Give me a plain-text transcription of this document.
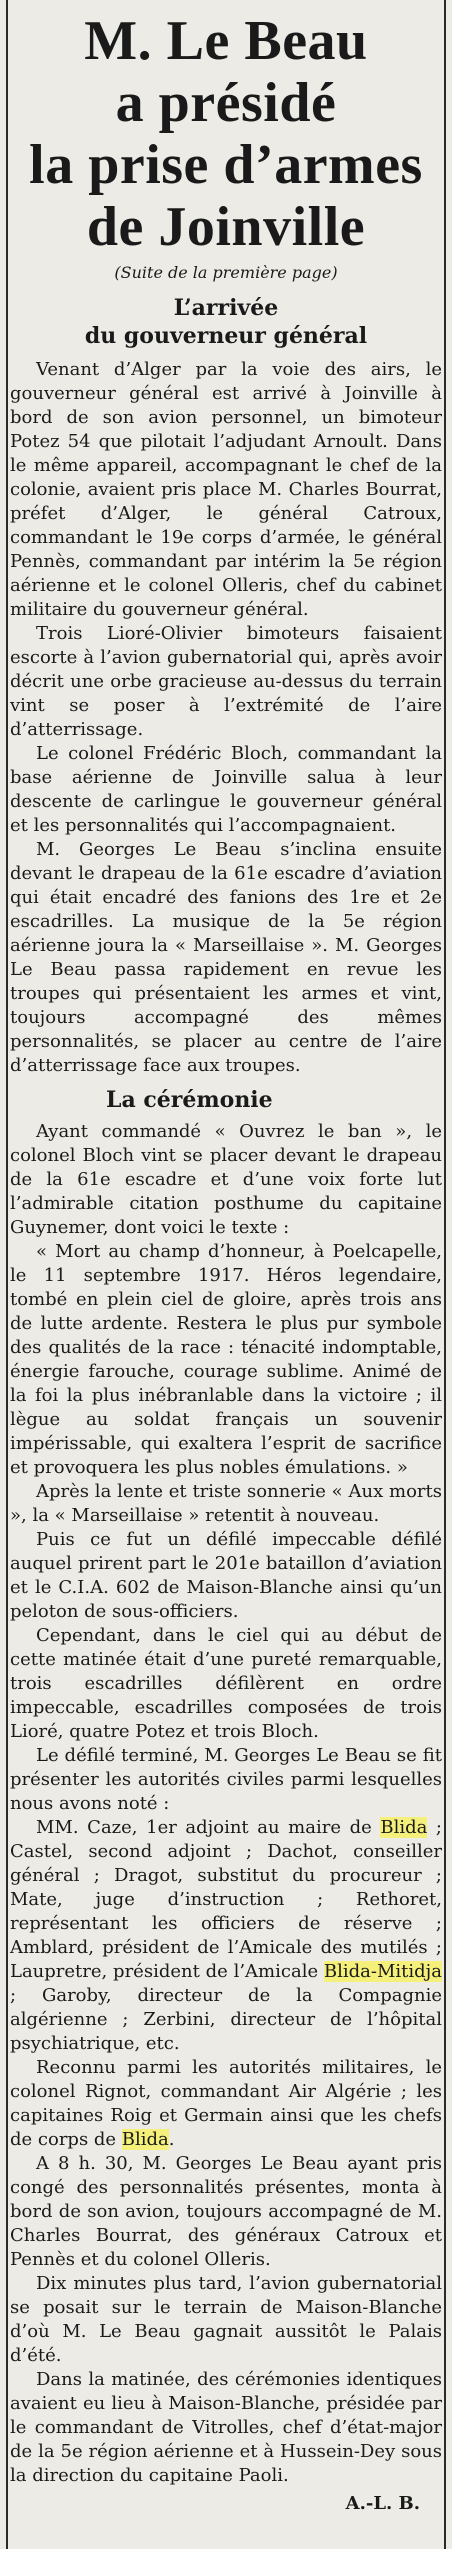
M. Le Beau
a présidé
la prise d’armes
de Joinville
(Suite de la première page)
L’arrivée
du gouverneur général

Venant d’Alger par la voie des airs, le gouverneur général est arrivé à Joinville à bord de son avion personnel, un bimoteur Potez 54 que pilotait l’adjudant Arnoult. Dans le même appareil, accompagnant le chef de la colonie, avaient pris place M. Charles Bourrat, préfet d’Alger, le général Catroux, commandant le 19e corps d’armée, le général Pennès, commandant par intérim la 5e région aérienne et le colonel Olleris, chef du cabinet militaire du gouverneur général.

Trois Lioré-Olivier bimoteurs faisaient escorte à l’avion gubernatorial qui, après avoir décrit une orbe gracieuse au-dessus du terrain vint se poser à l’extrémité de l’aire d’atterrissage.

Le colonel Frédéric Bloch, commandant la base aérienne de Joinville salua à leur descente de carlingue le gouverneur général et les personnalités qui l’accompagnaient.

M. Georges Le Beau s’inclina ensuite devant le drapeau de la 61e escadre d’aviation qui était encadré des fanions des 1re et 2e escadrilles. La musique de la 5e région aérienne joura la « Marseillaise ». M. Georges Le Beau passa rapidement en revue les troupes qui présentaient les armes et vint, toujours accompagné des mêmes personnalités, se placer au centre de l’aire d’atterrissage face aux troupes.

La cérémonie

Ayant commandé « Ouvrez le ban », le colonel Bloch vint se placer devant le drapeau de la 61e escadre et d’une voix forte lut l’admirable citation posthume du capitaine Guynemer, dont voici le texte :

« Mort au champ d’honneur, à Poelcapelle, le 11 septembre 1917. Héros legendaire, tombé en plein ciel de gloire, après trois ans de lutte ardente. Restera le plus pur symbole des qualités de la race : ténacité indomptable, énergie farouche, courage sublime. Animé de la foi la plus inébranlable dans la victoire ; il lègue au soldat français un souvenir impérissable, qui exaltera l’esprit de sacrifice et provoquera les plus nobles émulations. »

Après la lente et triste sonnerie « Aux morts », la « Marseillaise » retentit à nouveau.

Puis ce fut un défilé impeccable défilé auquel prirent part le 201e bataillon d’aviation et le C.I.A. 602 de Maison-Blanche ainsi qu’un peloton de sous-officiers.

Cependant, dans le ciel qui au début de cette matinée était d’une pureté remarquable, trois escadrilles défilèrent en ordre impeccable, escadrilles composées de trois Lioré, quatre Potez et trois Bloch.

Le défilé terminé, M. Georges Le Beau se fit présenter les autorités civiles parmi lesquelles nous avons noté :

MM. Caze, 1er adjoint au maire de Blida ; Castel, second adjoint ; Dachot, conseiller général ; Dragot, substitut du procureur ; Mate, juge d’instruction ; Rethoret, représentant les officiers de réserve ; Amblard, président de l’Amicale des mutilés ; Laupretre, président de l’Amicale Blida-Mitidja ; Garoby, directeur de la Compagnie algérienne ; Zerbini, directeur de l’hôpital psychiatrique, etc.

Reconnu parmi les autorités militaires, le colonel Rignot, commandant Air Algérie ; les capitaines Roig et Germain ainsi que les chefs de corps de Blida.

A 8 h. 30, M. Georges Le Beau ayant pris congé des personnalités présentes, monta à bord de son avion, toujours accompagné de M. Charles Bourrat, des généraux Catroux et Pennès et du colonel Olleris.

Dix minutes plus tard, l’avion gubernatorial se posait sur le terrain de Maison-Blanche d’où M. Le Beau gagnait aussitôt le Palais d’été.

Dans la matinée, des cérémonies identiques avaient eu lieu à Maison-Blanche, présidée par le commandant de Vitrolles, chef d’état-major de la 5e région aérienne et à Hussein-Dey sous la direction du capitaine Paoli.

A.-L. B.
